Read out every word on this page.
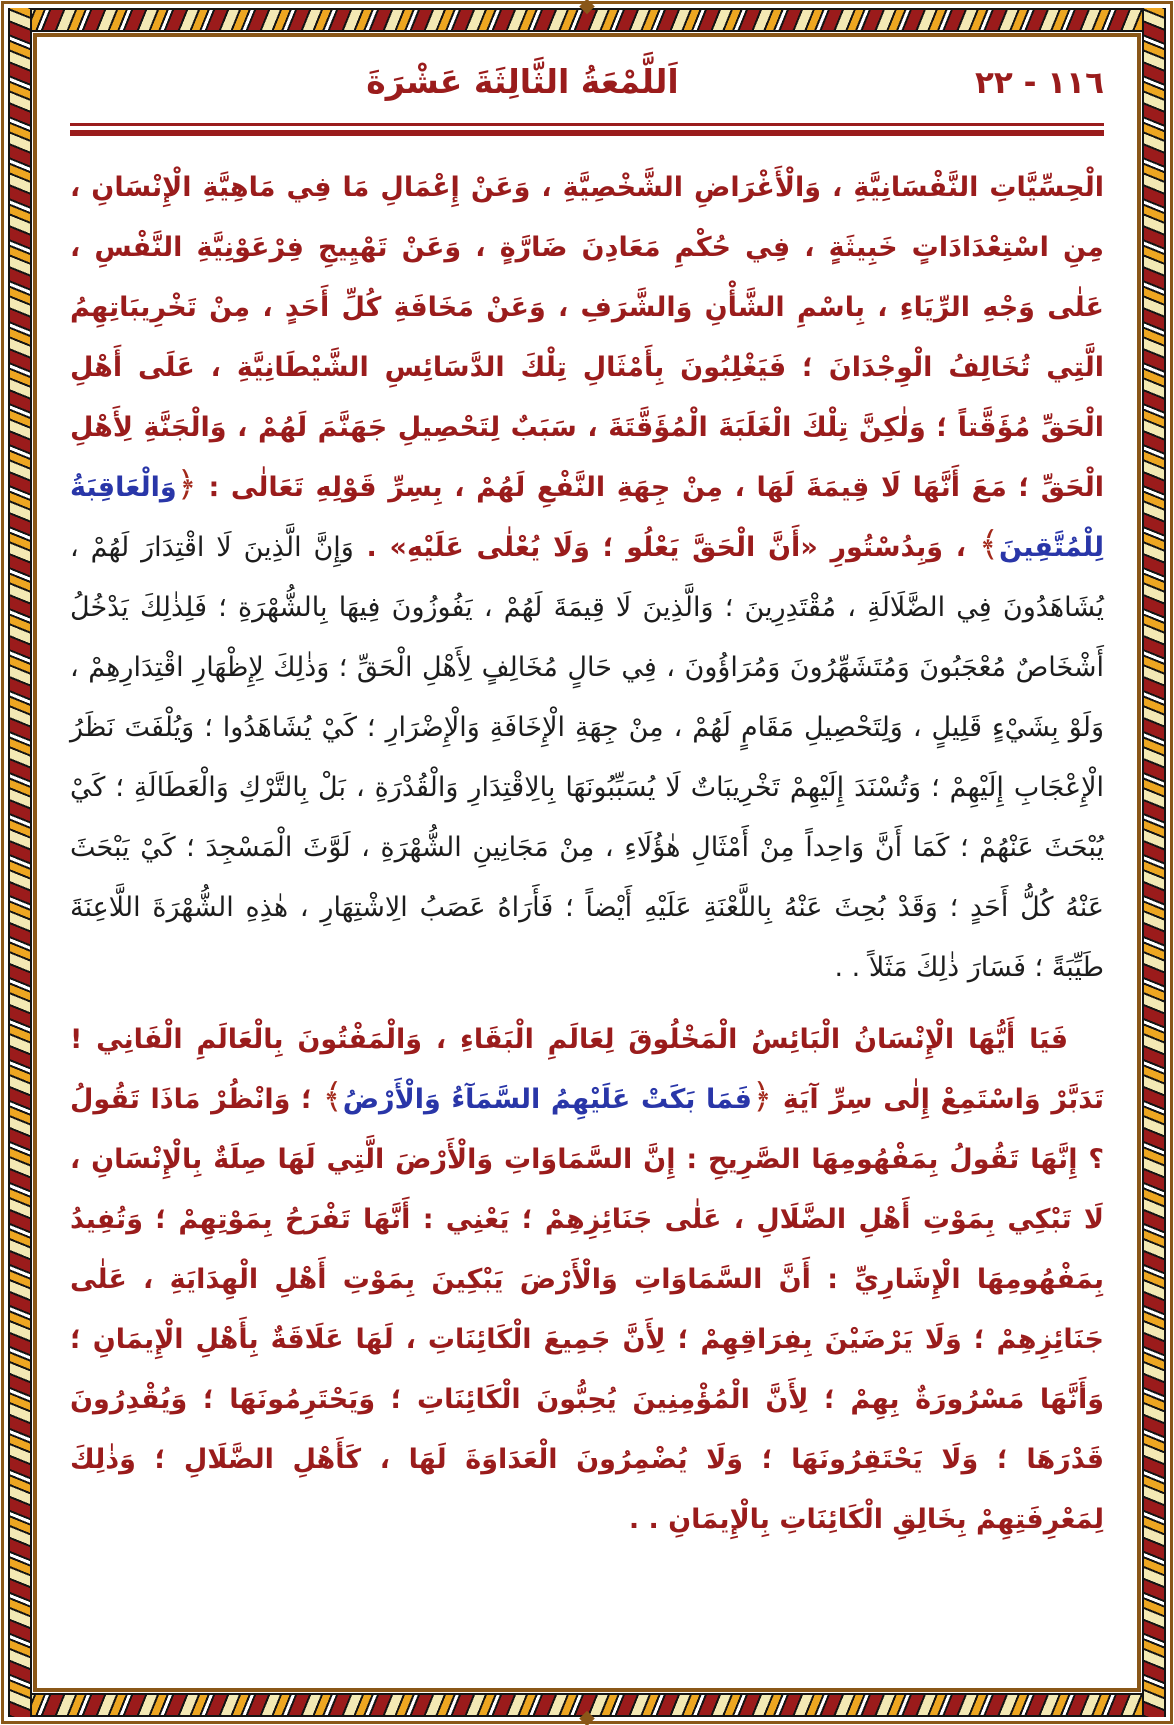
١١٦ - ٢٢
اَللَّمْعَةُ الثَّالِثَةَ عَشْرَةَ

الْحِسِّيَّاتِ النَّفْسَانِيَّةِ ، وَالْأَغْرَاضِ الشَّخْصِيَّةِ ، وَعَنْ إِعْمَالِ مَا فِي مَاهِيَّةِ الْإِنْسَانِ ، مِنِ اسْتِعْدَادَاتٍ خَبِيثَةٍ ، فِي حُكْمِ مَعَادِنَ ضَارَّةٍ ، وَعَنْ تَهْيِيجِ فِرْعَوْنِيَّةِ النَّفْسِ ، عَلٰى وَجْهِ الرِّيَاءِ ، بِاسْمِ الشَّأْنِ وَالشَّرَفِ ، وَعَنْ مَخَافَةِ كُلِّ أَحَدٍ ، مِنْ تَخْرِيبَاتِهِمُ الَّتِي تُخَالِفُ الْوِجْدَانَ ؛ فَيَغْلِبُونَ بِأَمْثَالِ تِلْكَ الدَّسَائِسِ الشَّيْطَانِيَّةِ ، عَلَى أَهْلِ الْحَقِّ مُؤَقَّتاً ؛ وَلٰكِنَّ تِلْكَ الْغَلَبَةَ الْمُؤَقَّتَةَ ، سَبَبٌ لِتَحْصِيلِ جَهَنَّمَ لَهُمْ ، وَالْجَنَّةِ لِأَهْلِ الْحَقِّ ؛ مَعَ أَنَّهَا لَا قِيمَةَ لَهَا ، مِنْ جِهَةِ النَّفْعِ لَهُمْ ، بِسِرِّ قَوْلِهِ تَعَالٰى : ﴿وَالْعَاقِبَةُ لِلْمُتَّقِينَ﴾ ، وَبِدُسْتُورِ «أَنَّ الْحَقَّ يَعْلُو ؛ وَلَا يُعْلٰى عَلَيْهِ» . وَإِنَّ الَّذِينَ لَا اقْتِدَارَ لَهُمْ ، يُشَاهَدُونَ فِي الضَّلَالَةِ ، مُقْتَدِرِينَ ؛ وَالَّذِينَ لَا قِيمَةَ لَهُمْ ، يَفُوزُونَ فِيهَا بِالشُّهْرَةِ ؛ فَلِذٰلِكَ يَدْخُلُ أَشْخَاصٌ مُعْجَبُونَ وَمُتَشَهِّرُونَ وَمُرَاؤُونَ ، فِي حَالٍ مُخَالِفٍ لِأَهْلِ الْحَقِّ ؛ وَذٰلِكَ لِإِظْهَارِ اقْتِدَارِهِمْ ، وَلَوْ بِشَيْءٍ قَلِيلٍ ، وَلِتَحْصِيلِ مَقَامٍ لَهُمْ ، مِنْ جِهَةِ الْإِخَافَةِ وَالْإِضْرَارِ ؛ كَيْ يُشَاهَدُوا ؛ وَيُلْفَتَ نَظَرُ الْإِعْجَابِ إِلَيْهِمْ ؛ وَتُسْنَدَ إِلَيْهِمْ تَخْرِيبَاتٌ لَا يُسَبِّبُونَهَا بِالِاقْتِدَارِ وَالْقُدْرَةِ ، بَلْ بِالتَّرْكِ وَالْعَطَالَةِ ؛ كَيْ يُبْحَثَ عَنْهُمْ ؛ كَمَا أَنَّ وَاحِداً مِنْ أَمْثَالِ هٰؤُلَاءِ ، مِنْ مَجَانِينِ الشُّهْرَةِ ، لَوَّثَ الْمَسْجِدَ ؛ كَيْ يَبْحَثَ عَنْهُ كُلُّ أَحَدٍ ؛ وَقَدْ بُحِثَ عَنْهُ بِاللَّعْنَةِ عَلَيْهِ أَيْضاً ؛ فَأَرَاهُ عَصَبُ الِاشْتِهَارِ ، هٰذِهِ الشُّهْرَةَ اللَّاعِنَةَ طَيِّبَةً ؛ فَسَارَ ذٰلِكَ مَثَلاً . .

فَيَا أَيُّهَا الْإِنْسَانُ الْبَائِسُ الْمَخْلُوقَ لِعَالَمِ الْبَقَاءِ ، وَالْمَفْتُونَ بِالْعَالَمِ الْفَانِي ! تَدَبَّرْ وَاسْتَمِعْ إِلٰى سِرِّ آيَةِ ﴿فَمَا بَكَتْ عَلَيْهِمُ السَّمَآءُ وَالْأَرْضُ﴾ ؛ وَانْظُرْ مَاذَا تَقُولُ ؟ إِنَّهَا تَقُولُ بِمَفْهُومِهَا الصَّرِيحِ : إِنَّ السَّمَاوَاتِ وَالْأَرْضَ الَّتِي لَهَا صِلَةٌ بِالْإِنْسَانِ ، لَا تَبْكِي بِمَوْتِ أَهْلِ الضَّلَالِ ، عَلٰى جَنَائِزِهِمْ ؛ يَعْنِي : أَنَّهَا تَفْرَحُ بِمَوْتِهِمْ ؛ وَتُفِيدُ بِمَفْهُومِهَا الْإِشَارِيِّ : أَنَّ السَّمَاوَاتِ وَالْأَرْضَ يَبْكِينَ بِمَوْتِ أَهْلِ الْهِدَايَةِ ، عَلٰى جَنَائِزِهِمْ ؛ وَلَا يَرْضَيْنَ بِفِرَاقِهِمْ ؛ لِأَنَّ جَمِيعَ الْكَائِنَاتِ ، لَهَا عَلَاقَةٌ بِأَهْلِ الْإِيمَانِ ؛ وَأَنَّهَا مَسْرُورَةٌ بِهِمْ ؛ لِأَنَّ الْمُؤْمِنِينَ يُحِبُّونَ الْكَائِنَاتِ ؛ وَيَحْتَرِمُونَهَا ؛ وَيُقْدِرُونَ قَدْرَهَا ؛ وَلَا يَحْتَقِرُونَهَا ؛ وَلَا يُضْمِرُونَ الْعَدَاوَةَ لَهَا ، كَأَهْلِ الضَّلَالِ ؛ وَذٰلِكَ لِمَعْرِفَتِهِمْ بِخَالِقِ الْكَائِنَاتِ بِالْإِيمَانِ . .
